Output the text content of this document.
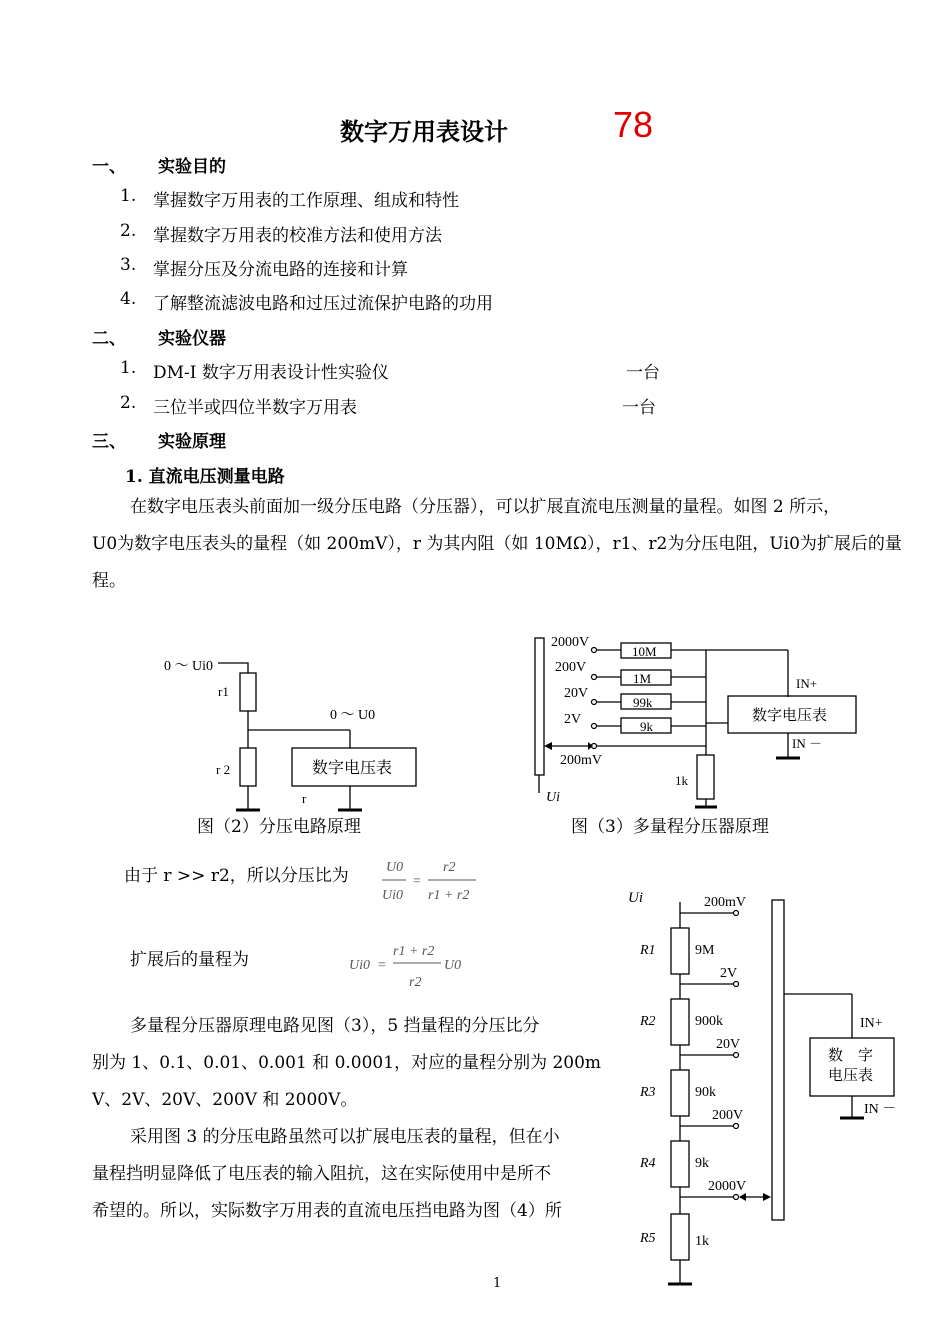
数字万用表设计	78
一、 实验目的
1. 掌握数字万用表的工作原理、组成和特性
2. 掌握数字万用表的校准方法和使用方法
3. 掌握分压及分流电路的连接和计算
4. 了解整流滤波电路和过压过流保护电路的功用
二、 实验仪器
1. DM-Ⅰ 数字万用表设计性实验仪	一台
2. 三位半或四位半数字万用表	一台
三、 实验原理
1. 直流电压测量电路
在数字电压表头前面加一级分压电路（分压器），可以扩展直流电压测量的量程。如图 2 所示，
U0为数字电压表头的量程（如 200mV），r 为其内阻（如 10MΩ），r1、r2为分压电阻，Ui0为扩展后的量
程。
0 ～ Ui0
r1
0 ～ U0
r 2	数字电压表
r
图（2）分压电路原理
2000V
200V
20V
2V
200mV
10M
1M
99k
9k
1k
数字电压表
IN+
IN －
Ui
图（3）多量程分压器原理
由于 r >> r2，所以分压比为	U0
Ui0
=
r2
r1 + r2
扩展后的量程为	Ui0 =
r1 + r2
r2
U0
多量程分压器原理电路见图（3），5 挡量程的分压比分
别为 1、0.1、0.01、0.001 和 0.0001，对应的量程分别为 200m
V、2V、20V、200V 和 2000V。
采用图 3 的分压电路虽然可以扩展电压表的量程，但在小
量程挡明显降低了电压表的输入阻抗，这在实际使用中是所不
希望的。所以，实际数字万用表的直流电压挡电路为图（4）所
Ui	200mV
2V
20V
200V
2000V
R1
R2
R3
R4
R5
9M
900k
90k
9k
1k
数　字
电压表
IN+
IN －
1
